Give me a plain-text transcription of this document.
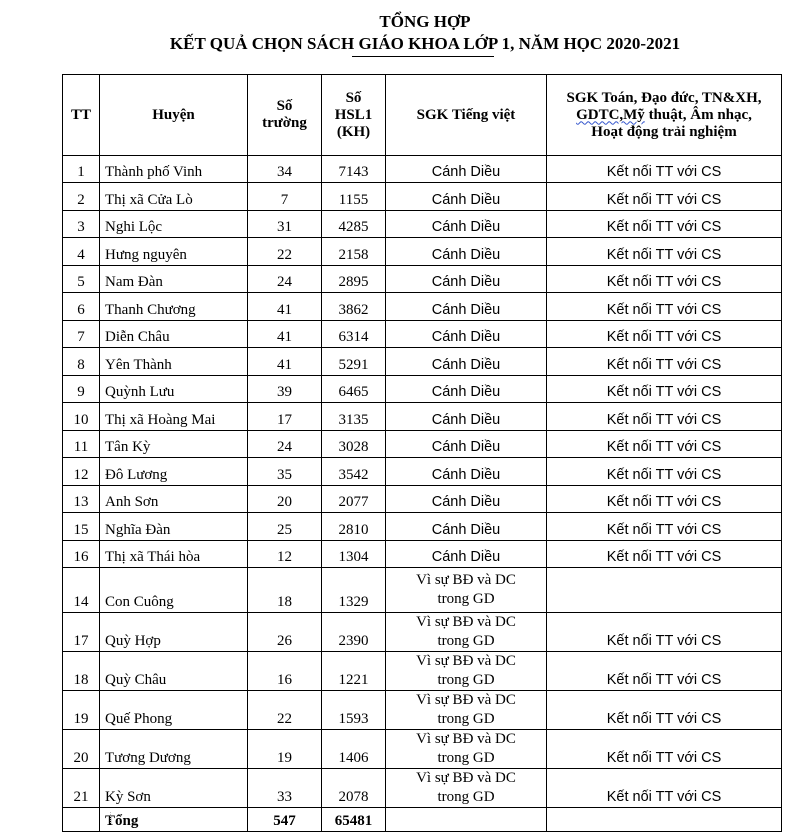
TỔNG HỢP
KẾT QUẢ CHỌN SÁCH GIÁO KHOA LỚP 1, NĂM HỌC 2020-2021
TT	Huyện	Số trường	Số HSL1 (KH)	SGK Tiếng việt	SGK Toán, Đạo đức, TN&XH, GDTC,Mỹ thuật, Âm nhạc, Hoạt động trải nghiệm
1	Thành phố Vinh	34	7143	Cánh Diều	Kết nối TT với CS
2	Thị xã Cửa Lò	7	1155	Cánh Diều	Kết nối TT với CS
3	Nghi Lộc	31	4285	Cánh Diều	Kết nối TT với CS
4	Hưng nguyên	22	2158	Cánh Diều	Kết nối TT với CS
5	Nam Đàn	24	2895	Cánh Diều	Kết nối TT với CS
6	Thanh Chương	41	3862	Cánh Diều	Kết nối TT với CS
7	Diễn Châu	41	6314	Cánh Diều	Kết nối TT với CS
8	Yên Thành	41	5291	Cánh Diều	Kết nối TT với CS
9	Quỳnh Lưu	39	6465	Cánh Diều	Kết nối TT với CS
10	Thị xã Hoàng Mai	17	3135	Cánh Diều	Kết nối TT với CS
11	Tân Kỳ	24	3028	Cánh Diều	Kết nối TT với CS
12	Đô Lương	35	3542	Cánh Diều	Kết nối TT với CS
13	Anh Sơn	20	2077	Cánh Diều	Kết nối TT với CS
15	Nghĩa Đàn	25	2810	Cánh Diều	Kết nối TT với CS
16	Thị xã Thái hòa	12	1304	Cánh Diều	Kết nối TT với CS
14	Con Cuông	18	1329	Vì sự BĐ và DC trong GD	
17	Quỳ Hợp	26	2390	Vì sự BĐ và DC trong GD	Kết nối TT với CS
18	Quỳ Châu	16	1221	Vì sự BĐ và DC trong GD	Kết nối TT với CS
19	Quế Phong	22	1593	Vì sự BĐ và DC trong GD	Kết nối TT với CS
20	Tương Dương	19	1406	Vì sự BĐ và DC trong GD	Kết nối TT với CS
21	Kỳ Sơn	33	2078	Vì sự BĐ và DC trong GD	Kết nối TT với CS
	Tổng	547	65481		
